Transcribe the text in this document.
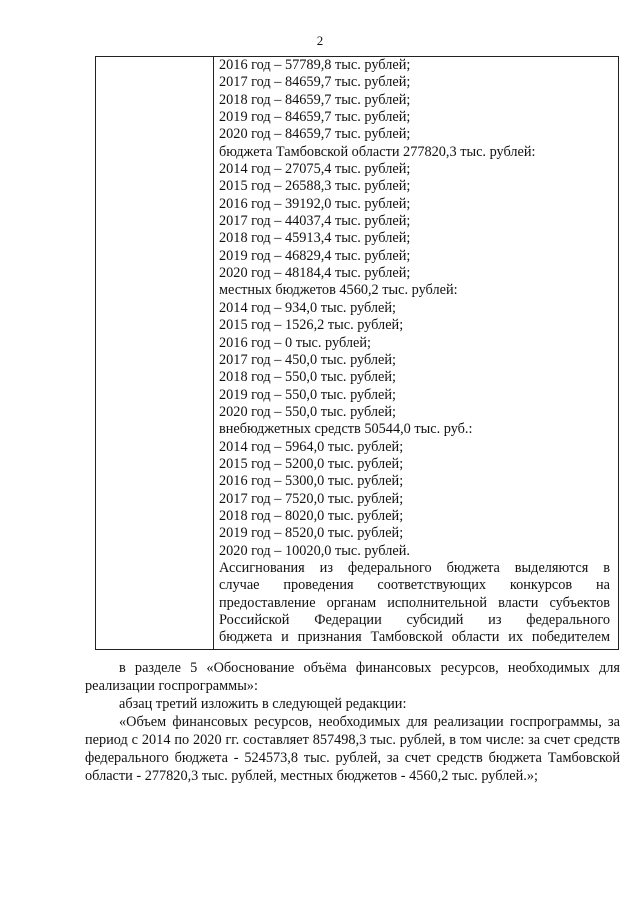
2
2016 год – 57789,8 тыс. рублей;
2017 год – 84659,7 тыс. рублей;
2018 год – 84659,7 тыс. рублей;
2019 год – 84659,7 тыс. рублей;
2020 год – 84659,7 тыс. рублей;
бюджета Тамбовской области 277820,3 тыс. рублей:
2014 год – 27075,4 тыс. рублей;
2015 год – 26588,3 тыс. рублей;
2016 год – 39192,0 тыс. рублей;
2017 год – 44037,4 тыс. рублей;
2018 год – 45913,4 тыс. рублей;
2019 год – 46829,4 тыс. рублей;
2020 год – 48184,4 тыс. рублей;
местных бюджетов 4560,2 тыс. рублей:
2014 год – 934,0 тыс. рублей;
2015 год – 1526,2 тыс. рублей;
2016 год – 0 тыс. рублей;
2017 год – 450,0 тыс. рублей;
2018 год – 550,0 тыс. рублей;
2019 год – 550,0 тыс. рублей;
2020 год – 550,0 тыс. рублей;
внебюджетных средств 50544,0 тыс. руб.:
2014 год – 5964,0 тыс. рублей;
2015 год – 5200,0 тыс. рублей;
2016 год – 5300,0 тыс. рублей;
2017 год – 7520,0 тыс. рублей;
2018 год – 8020,0 тыс. рублей;
2019 год – 8520,0 тыс. рублей;
2020 год – 10020,0 тыс. рублей.
Ассигнования из федерального бюджета выделяются в
случае проведения соответствующих конкурсов на
предоставление органам исполнительной власти субъектов
Российской Федерации субсидий из федерального
бюджета и признания Тамбовской области их победителем

в разделе 5 «Обоснование объёма финансовых ресурсов, необходимых для реализации госпрограммы»:

абзац третий изложить в следующей редакции:

«Объем финансовых ресурсов, необходимых для реализации госпрограммы, за период с 2014 по 2020 гг. составляет 857498,3 тыс. рублей, в том числе: за счет средств федерального бюджета - 524573,8 тыс. рублей, за счет средств бюджета Тамбовской области - 277820,3 тыс. рублей, местных бюджетов - 4560,2 тыс. рублей.»;
